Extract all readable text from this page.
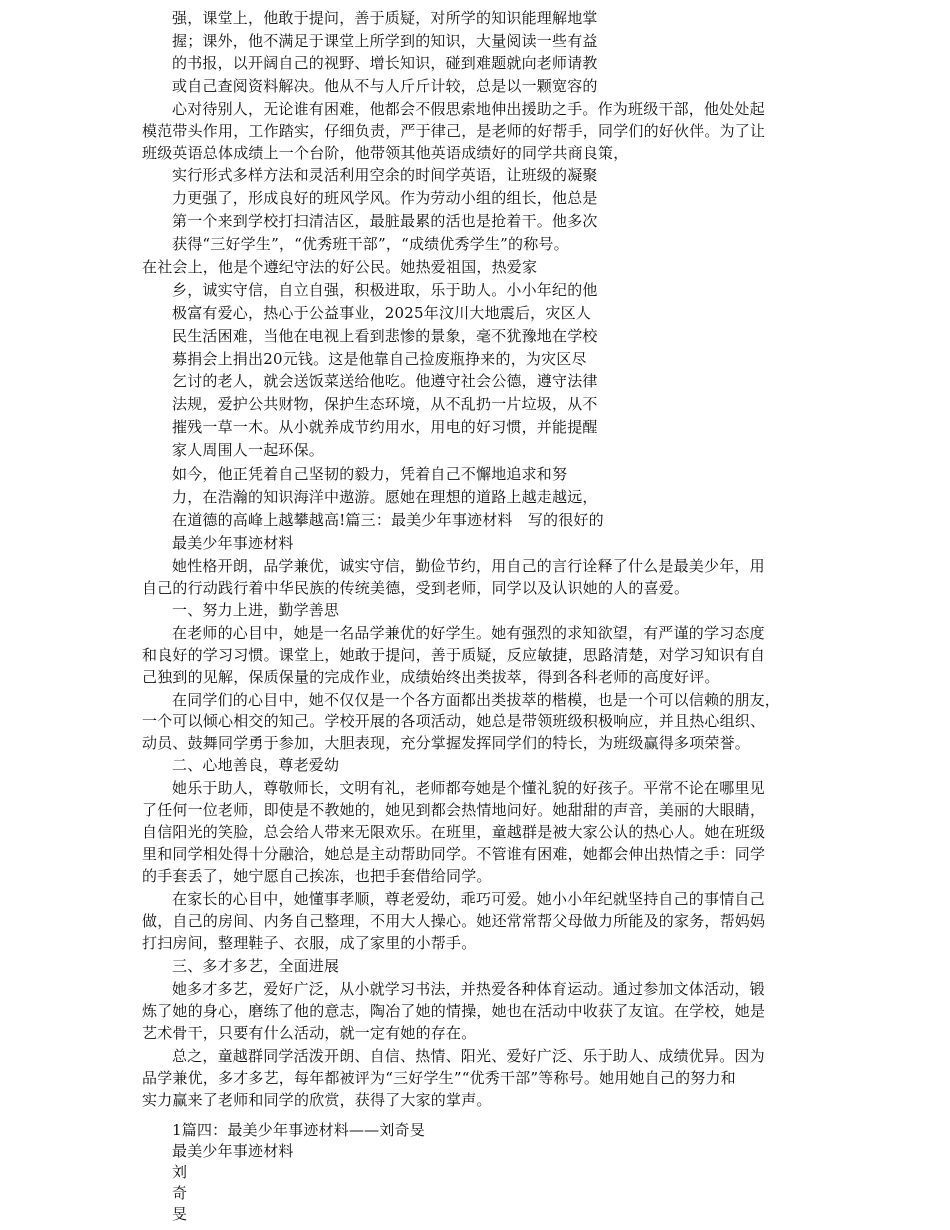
强，课堂上，他敢于提问，善于质疑，对所学的知识能理解地掌
握；课外，他不满足于课堂上所学到的知识，大量阅读一些有益
的书报，以开阔自己的视野、增长知识，碰到难题就向老师请教
或自己查阅资料解决。他从不与人斤斤计较，总是以一颗宽容的
心对待别人，无论谁有困难，他都会不假思索地伸出援助之手。作为班级干部，他处处起
模范带头作用，工作踏实，仔细负责，严于律己，是老师的好帮手，同学们的好伙伴。为了让
班级英语总体成绩上一个台阶，他带领其他英语成绩好的同学共商良策，
实行形式多样方法和灵活利用空余的时间学英语，让班级的凝聚
力更强了，形成良好的班风学风。作为劳动小组的组长，他总是
第一个来到学校打扫清洁区，最脏最累的活也是抢着干。他多次
获得“三好学生”，“优秀班干部”，“成绩优秀学生”的称号。
在社会上，他是个遵纪守法的好公民。她热爱祖国，热爱家
乡，诚实守信，自立自强，积极进取，乐于助人。小小年纪的他
极富有爱心，热心于公益事业，2025年汶川大地震后，灾区人
民生活困难，当他在电视上看到悲惨的景象，毫不犹豫地在学校
募捐会上捐出20元钱。这是他靠自己捡废瓶挣来的，为灾区尽
乞讨的老人，就会送饭菜送给他吃。他遵守社会公德，遵守法律
法规，爱护公共财物，保护生态环境，从不乱扔一片垃圾，从不
摧残一草一木。从小就养成节约用水，用电的好习惯，并能提醒
家人周围人一起环保。
如今，他正凭着自己坚韧的毅力，凭着自己不懈地追求和努
力，在浩瀚的知识海洋中遨游。愿她在理想的道路上越走越远，
在道德的高峰上越攀越高!篇三：最美少年事迹材料　写的很好的
最美少年事迹材料
她性格开朗，品学兼优，诚实守信，勤俭节约，用自己的言行诠释了什么是最美少年，用
自己的行动践行着中华民族的传统美德，受到老师，同学以及认识她的人的喜爱。
一、努力上进，勤学善思
在老师的心目中，她是一名品学兼优的好学生。她有强烈的求知欲望，有严谨的学习态度
和良好的学习习惯。课堂上，她敢于提问，善于质疑，反应敏捷，思路清楚，对学习知识有自
己独到的见解，保质保量的完成作业，成绩始终出类拔萃，得到各科老师的高度好评。
在同学们的心目中，她不仅仅是一个各方面都出类拔萃的楷模，也是一个可以信赖的朋友，
一个可以倾心相交的知己。学校开展的各项活动，她总是带领班级积极响应，并且热心组织、
动员、鼓舞同学勇于参加，大胆表现，充分掌握发挥同学们的特长，为班级赢得多项荣誉。
二、心地善良，尊老爱幼
她乐于助人，尊敬师长，文明有礼，老师都夸她是个懂礼貌的好孩子。平常不论在哪里见
了任何一位老师，即使是不教她的，她见到都会热情地问好。她甜甜的声音，美丽的大眼睛，
自信阳光的笑脸，总会给人带来无限欢乐。在班里，童越群是被大家公认的热心人。她在班级
里和同学相处得十分融洽，她总是主动帮助同学。不管谁有困难，她都会伸出热情之手：同学
的手套丢了，她宁愿自己挨冻，也把手套借给同学。
在家长的心目中，她懂事孝顺，尊老爱幼，乖巧可爱。她小小年纪就坚持自己的事情自己
做，自己的房间、内务自己整理，不用大人操心。她还常常帮父母做力所能及的家务，帮妈妈
打扫房间，整理鞋子、衣服，成了家里的小帮手。
三、多才多艺，全面进展
她多才多艺，爱好广泛，从小就学习书法，并热爱各种体育运动。通过参加文体活动，锻
炼了她的身心，磨练了他的意志，陶冶了她的情操，她也在活动中收获了友谊。在学校，她是
艺术骨干，只要有什么活动，就一定有她的存在。
总之，童越群同学活泼开朗、自信、热情、阳光、爱好广泛、乐于助人、成绩优异。因为
品学兼优，多才多艺，每年都被评为“三好学生”“优秀干部”等称号。她用她自己的努力和
实力赢来了老师和同学的欣赏，获得了大家的掌声。
1篇四：最美少年事迹材料——刘奇旻
最美少年事迹材料
刘
奇
旻
